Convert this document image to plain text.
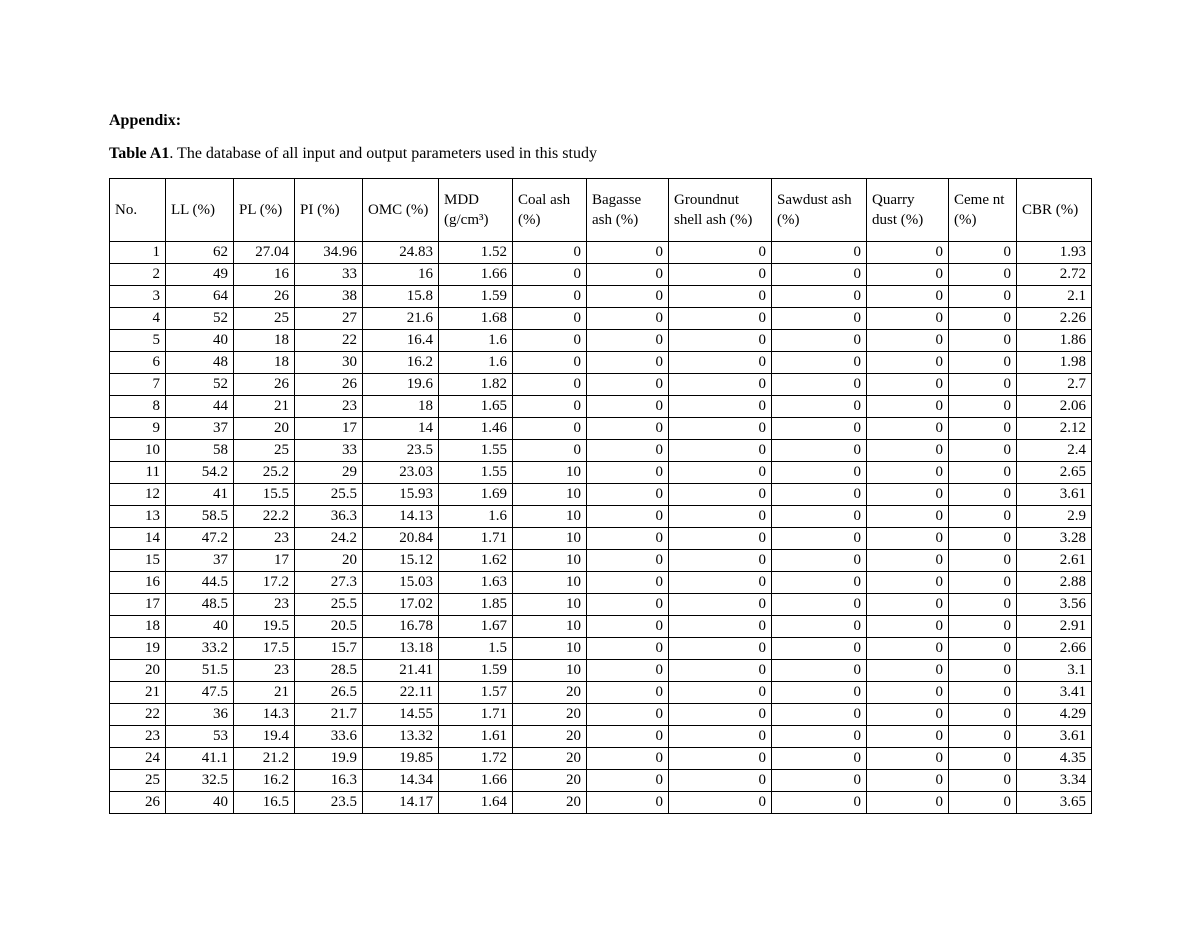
Appendix:

Table A1. The database of all input and output parameters used in this study

No.	LL (%)	PL (%)	PI (%)	OMC (%)	MDD (g/cm³)	Coal ash (%)	Bagasse ash (%)	Groundnut shell ash (%)	Sawdust ash (%)	Quarry dust (%)	Ceme nt (%)	CBR (%)
1	62	27.04	34.96	24.83	1.52	0	0	0	0	0	0	1.93
2	49	16	33	16	1.66	0	0	0	0	0	0	2.72
3	64	26	38	15.8	1.59	0	0	0	0	0	0	2.1
4	52	25	27	21.6	1.68	0	0	0	0	0	0	2.26
5	40	18	22	16.4	1.6	0	0	0	0	0	0	1.86
6	48	18	30	16.2	1.6	0	0	0	0	0	0	1.98
7	52	26	26	19.6	1.82	0	0	0	0	0	0	2.7
8	44	21	23	18	1.65	0	0	0	0	0	0	2.06
9	37	20	17	14	1.46	0	0	0	0	0	0	2.12
10	58	25	33	23.5	1.55	0	0	0	0	0	0	2.4
11	54.2	25.2	29	23.03	1.55	10	0	0	0	0	0	2.65
12	41	15.5	25.5	15.93	1.69	10	0	0	0	0	0	3.61
13	58.5	22.2	36.3	14.13	1.6	10	0	0	0	0	0	2.9
14	47.2	23	24.2	20.84	1.71	10	0	0	0	0	0	3.28
15	37	17	20	15.12	1.62	10	0	0	0	0	0	2.61
16	44.5	17.2	27.3	15.03	1.63	10	0	0	0	0	0	2.88
17	48.5	23	25.5	17.02	1.85	10	0	0	0	0	0	3.56
18	40	19.5	20.5	16.78	1.67	10	0	0	0	0	0	2.91
19	33.2	17.5	15.7	13.18	1.5	10	0	0	0	0	0	2.66
20	51.5	23	28.5	21.41	1.59	10	0	0	0	0	0	3.1
21	47.5	21	26.5	22.11	1.57	20	0	0	0	0	0	3.41
22	36	14.3	21.7	14.55	1.71	20	0	0	0	0	0	4.29
23	53	19.4	33.6	13.32	1.61	20	0	0	0	0	0	3.61
24	41.1	21.2	19.9	19.85	1.72	20	0	0	0	0	0	4.35
25	32.5	16.2	16.3	14.34	1.66	20	0	0	0	0	0	3.34
26	40	16.5	23.5	14.17	1.64	20	0	0	0	0	0	3.65
